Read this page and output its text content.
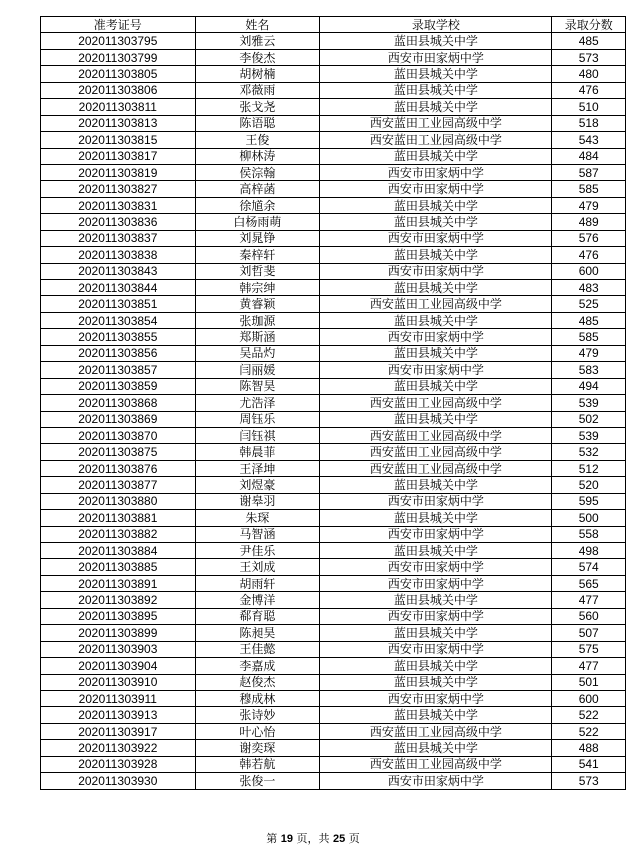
准考证号	姓名	录取学校	录取分数
202011303795	刘雅云	蓝田县城关中学	485
202011303799	李俊杰	西安市田家炳中学	573
202011303805	胡树楠	蓝田县城关中学	480
202011303806	邓薇雨	蓝田县城关中学	476
202011303811	张戈尧	蓝田县城关中学	510
202011303813	陈语聪	西安蓝田工业园高级中学	518
202011303815	王俊	西安蓝田工业园高级中学	543
202011303817	柳林涛	蓝田县城关中学	484
202011303819	侯淙翰	西安市田家炳中学	587
202011303827	高梓菡	西安市田家炳中学	585
202011303831	徐馗余	蓝田县城关中学	479
202011303836	白杨雨萌	蓝田县城关中学	489
202011303837	刘晁铮	西安市田家炳中学	576
202011303838	秦梓轩	蓝田县城关中学	476
202011303843	刘哲斐	西安市田家炳中学	600
202011303844	韩宗绅	蓝田县城关中学	483
202011303851	黄睿颖	西安蓝田工业园高级中学	525
202011303854	张珈源	蓝田县城关中学	485
202011303855	郑斯涵	西安市田家炳中学	585
202011303856	吴品灼	蓝田县城关中学	479
202011303857	闫丽媛	西安市田家炳中学	583
202011303859	陈智昊	蓝田县城关中学	494
202011303868	尤浩泽	西安蓝田工业园高级中学	539
202011303869	周钰乐	蓝田县城关中学	502
202011303870	闫钰祺	西安蓝田工业园高级中学	539
202011303875	韩晨菲	西安蓝田工业园高级中学	532
202011303876	王泽坤	西安蓝田工业园高级中学	512
202011303877	刘煜豪	蓝田县城关中学	520
202011303880	谢皋羽	西安市田家炳中学	595
202011303881	朱琛	蓝田县城关中学	500
202011303882	马智涵	西安市田家炳中学	558
202011303884	尹佳乐	蓝田县城关中学	498
202011303885	王刘成	西安市田家炳中学	574
202011303891	胡雨轩	西安市田家炳中学	565
202011303892	金博洋	蓝田县城关中学	477
202011303895	郗育聪	西安市田家炳中学	560
202011303899	陈昶昊	蓝田县城关中学	507
202011303903	王佳懿	西安市田家炳中学	575
202011303904	李嘉成	蓝田县城关中学	477
202011303910	赵俊杰	蓝田县城关中学	501
202011303911	穆成林	西安市田家炳中学	600
202011303913	张诗妙	蓝田县城关中学	522
202011303917	叶心怡	西安蓝田工业园高级中学	522
202011303922	谢奕琛	蓝田县城关中学	488
202011303928	韩若航	西安蓝田工业园高级中学	541
202011303930	张俊一	西安市田家炳中学	573
第 19 页，共 25 页
